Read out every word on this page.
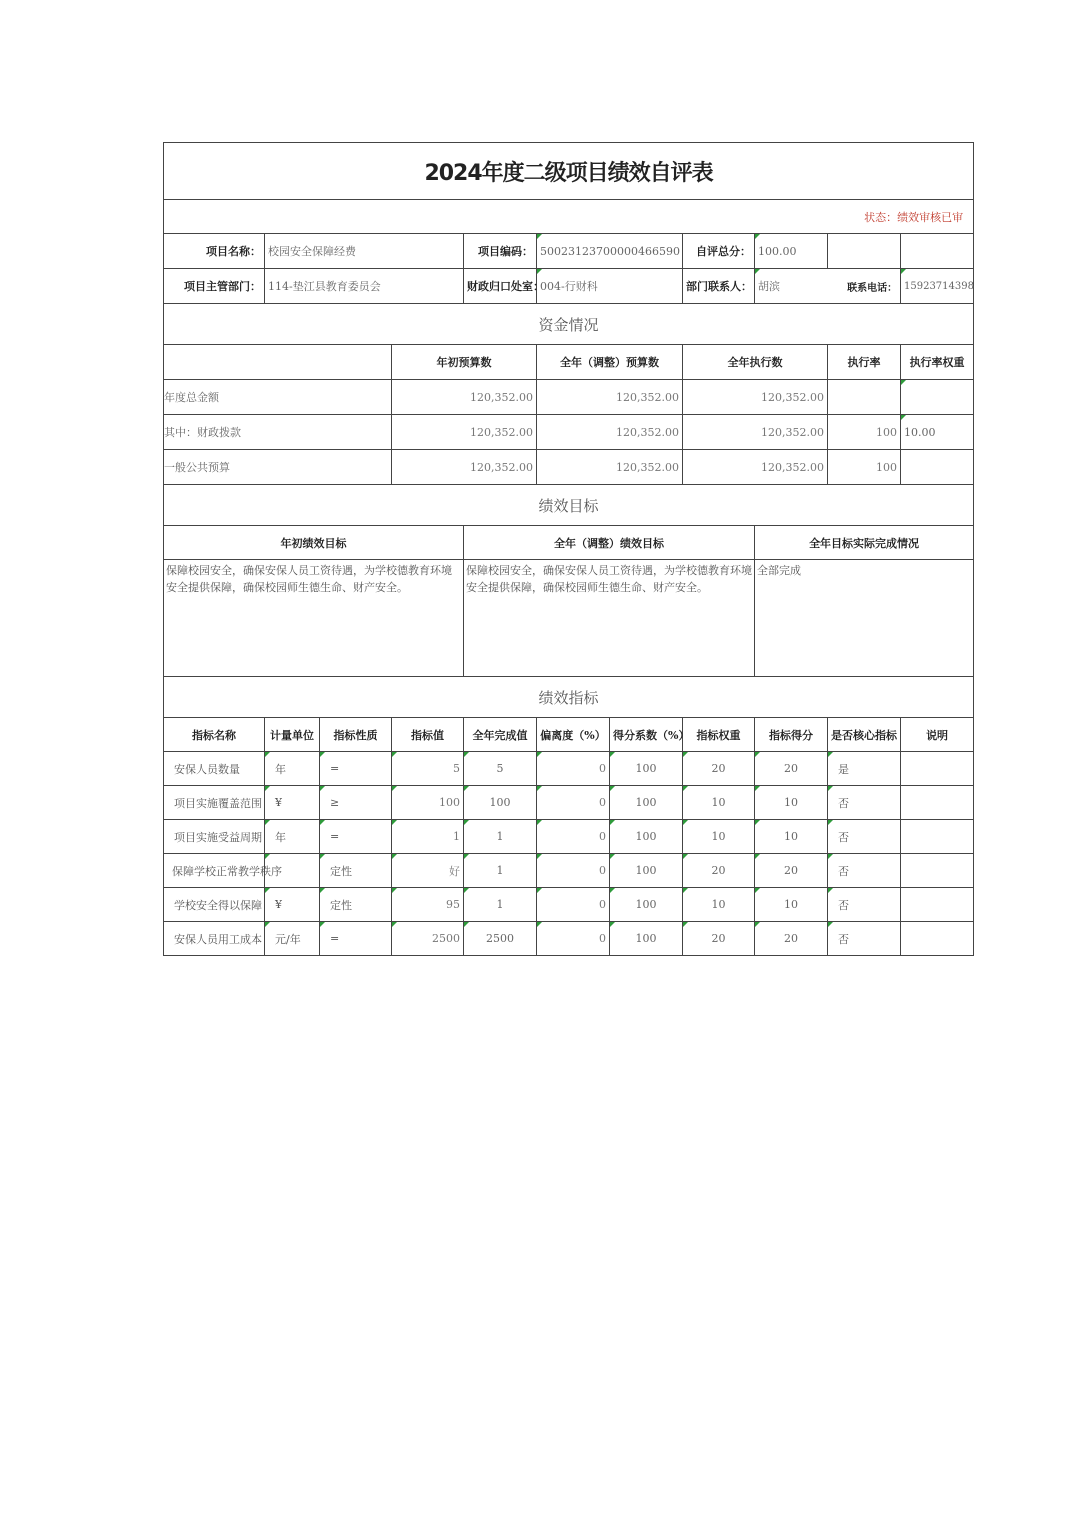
2024年度二级项目绩效自评表											
状态：绩效审核已审											
项目名称：	校园安全保障经费			项目编码：	50023123700000466590		自评总分：	100.00			
项目主管部门：	114-垫江县教育委员会			财政归口处室：	004-行财科		部门联系人：	胡滨		联系电话： 15923714398	
资金情况											
			年初预算数		全年（调整）预算数		全年执行数		执行率	执行率权重	
年度总金额			120,352.00		120,352.00		120,352.00				
其中：财政拨款			120,352.00		120,352.00		120,352.00		100	10.00	
一般公共预算			120,352.00		120,352.00		120,352.00		100		
绩效目标											
年初绩效目标				全年（调整）绩效目标				全年目标实际完成情况			
保障校园安全，确保安保人员工资待遇，为学校德教育环境安全提供保障，确保校园师生德生命、财产安全。				保障校园安全，确保安保人员工资待遇，为学校德教育环境安全提供保障，确保校园师生德生命、财产安全。				全部完成			
绩效指标											
指标名称	计量单位	指标性质	指标值	全年完成值	偏离度（%）	得分系数（%）	指标权重	指标得分	是否核心指标	说明	
安保人员数量	年	=	5	5	0	100	20	20	是		
项目实施覆盖范围	¥	≥	100	100	0	100	10	10	否		
项目实施受益周期	年	=	1	1	0	100	10	10	否		
保障学校正常教学秩序		定性	好	1	0	100	20	20	否		
学校安全得以保障	¥	定性	95	1	0	100	10	10	否		
安保人员用工成本	元/年	=	2500	2500	0	100	20	20	否		
